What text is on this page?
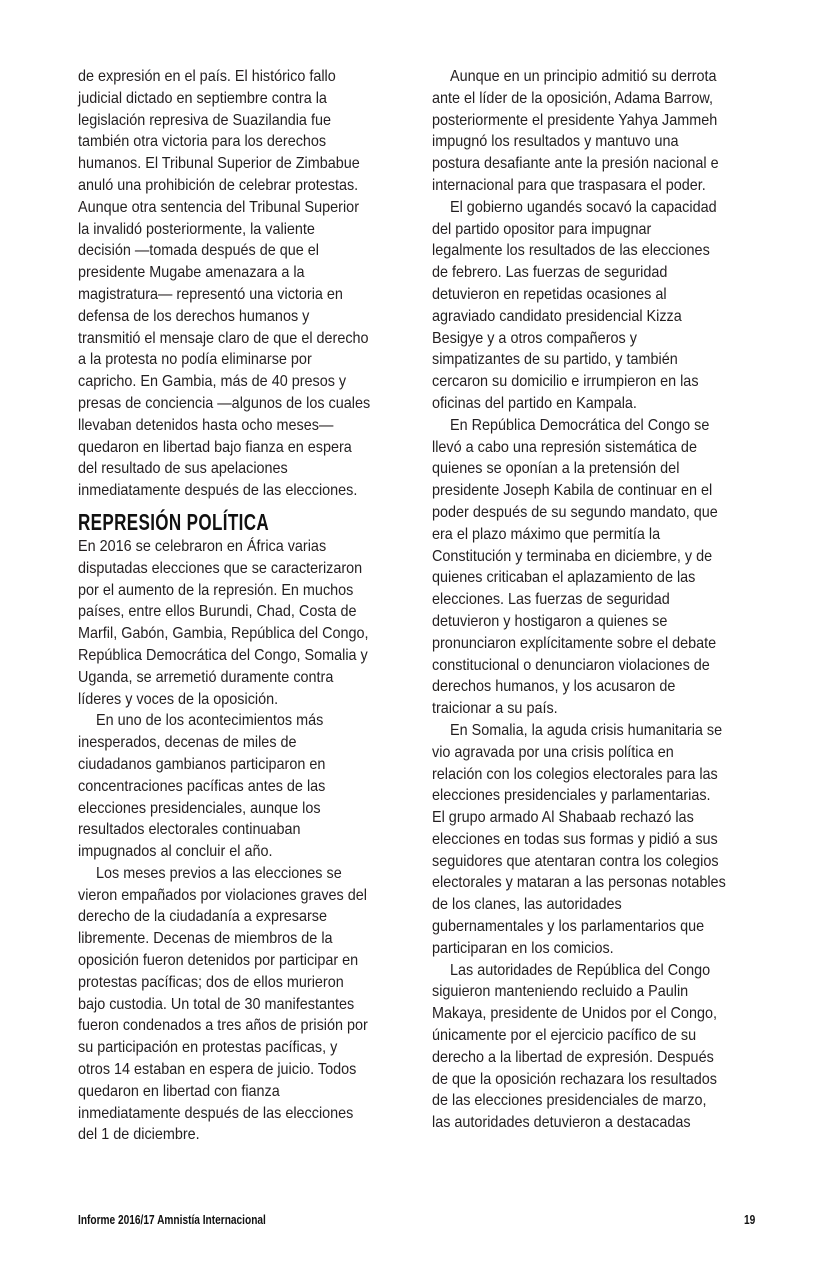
de expresión en el país. El histórico fallo
judicial dictado en septiembre contra la
legislación represiva de Suazilandia fue
también otra victoria para los derechos
humanos. El Tribunal Superior de Zimbabue
anuló una prohibición de celebrar protestas.
Aunque otra sentencia del Tribunal Superior
la invalidó posteriormente, la valiente
decisión —tomada después de que el
presidente Mugabe amenazara a la
magistratura— representó una victoria en
defensa de los derechos humanos y
transmitió el mensaje claro de que el derecho
a la protesta no podía eliminarse por
capricho. En Gambia, más de 40 presos y
presas de conciencia —algunos de los cuales
llevaban detenidos hasta ocho meses—
quedaron en libertad bajo fianza en espera
del resultado de sus apelaciones
inmediatamente después de las elecciones.
REPRESIÓN POLÍTICA
En 2016 se celebraron en África varias
disputadas elecciones que se caracterizaron
por el aumento de la represión. En muchos
países, entre ellos Burundi, Chad, Costa de
Marfil, Gabón, Gambia, República del Congo,
República Democrática del Congo, Somalia y
Uganda, se arremetió duramente contra
líderes y voces de la oposición.
En uno de los acontecimientos más
inesperados, decenas de miles de
ciudadanos gambianos participaron en
concentraciones pacíficas antes de las
elecciones presidenciales, aunque los
resultados electorales continuaban
impugnados al concluir el año.
Los meses previos a las elecciones se
vieron empañados por violaciones graves del
derecho de la ciudadanía a expresarse
libremente. Decenas de miembros de la
oposición fueron detenidos por participar en
protestas pacíficas; dos de ellos murieron
bajo custodia. Un total de 30 manifestantes
fueron condenados a tres años de prisión por
su participación en protestas pacíficas, y
otros 14 estaban en espera de juicio. Todos
quedaron en libertad con fianza
inmediatamente después de las elecciones
del 1 de diciembre.
Aunque en un principio admitió su derrota
ante el líder de la oposición, Adama Barrow,
posteriormente el presidente Yahya Jammeh
impugnó los resultados y mantuvo una
postura desafiante ante la presión nacional e
internacional para que traspasara el poder.
El gobierno ugandés socavó la capacidad
del partido opositor para impugnar
legalmente los resultados de las elecciones
de febrero. Las fuerzas de seguridad
detuvieron en repetidas ocasiones al
agraviado candidato presidencial Kizza
Besigye y a otros compañeros y
simpatizantes de su partido, y también
cercaron su domicilio e irrumpieron en las
oficinas del partido en Kampala.
En República Democrática del Congo se
llevó a cabo una represión sistemática de
quienes se oponían a la pretensión del
presidente Joseph Kabila de continuar en el
poder después de su segundo mandato, que
era el plazo máximo que permitía la
Constitución y terminaba en diciembre, y de
quienes criticaban el aplazamiento de las
elecciones. Las fuerzas de seguridad
detuvieron y hostigaron a quienes se
pronunciaron explícitamente sobre el debate
constitucional o denunciaron violaciones de
derechos humanos, y los acusaron de
traicionar a su país.
En Somalia, la aguda crisis humanitaria se
vio agravada por una crisis política en
relación con los colegios electorales para las
elecciones presidenciales y parlamentarias.
El grupo armado Al Shabaab rechazó las
elecciones en todas sus formas y pidió a sus
seguidores que atentaran contra los colegios
electorales y mataran a las personas notables
de los clanes, las autoridades
gubernamentales y los parlamentarios que
participaran en los comicios.
Las autoridades de República del Congo
siguieron manteniendo recluido a Paulin
Makaya, presidente de Unidos por el Congo,
únicamente por el ejercicio pacífico de su
derecho a la libertad de expresión. Después
de que la oposición rechazara los resultados
de las elecciones presidenciales de marzo,
las autoridades detuvieron a destacadas
Informe 2016/17 Amnistía Internacional	19
